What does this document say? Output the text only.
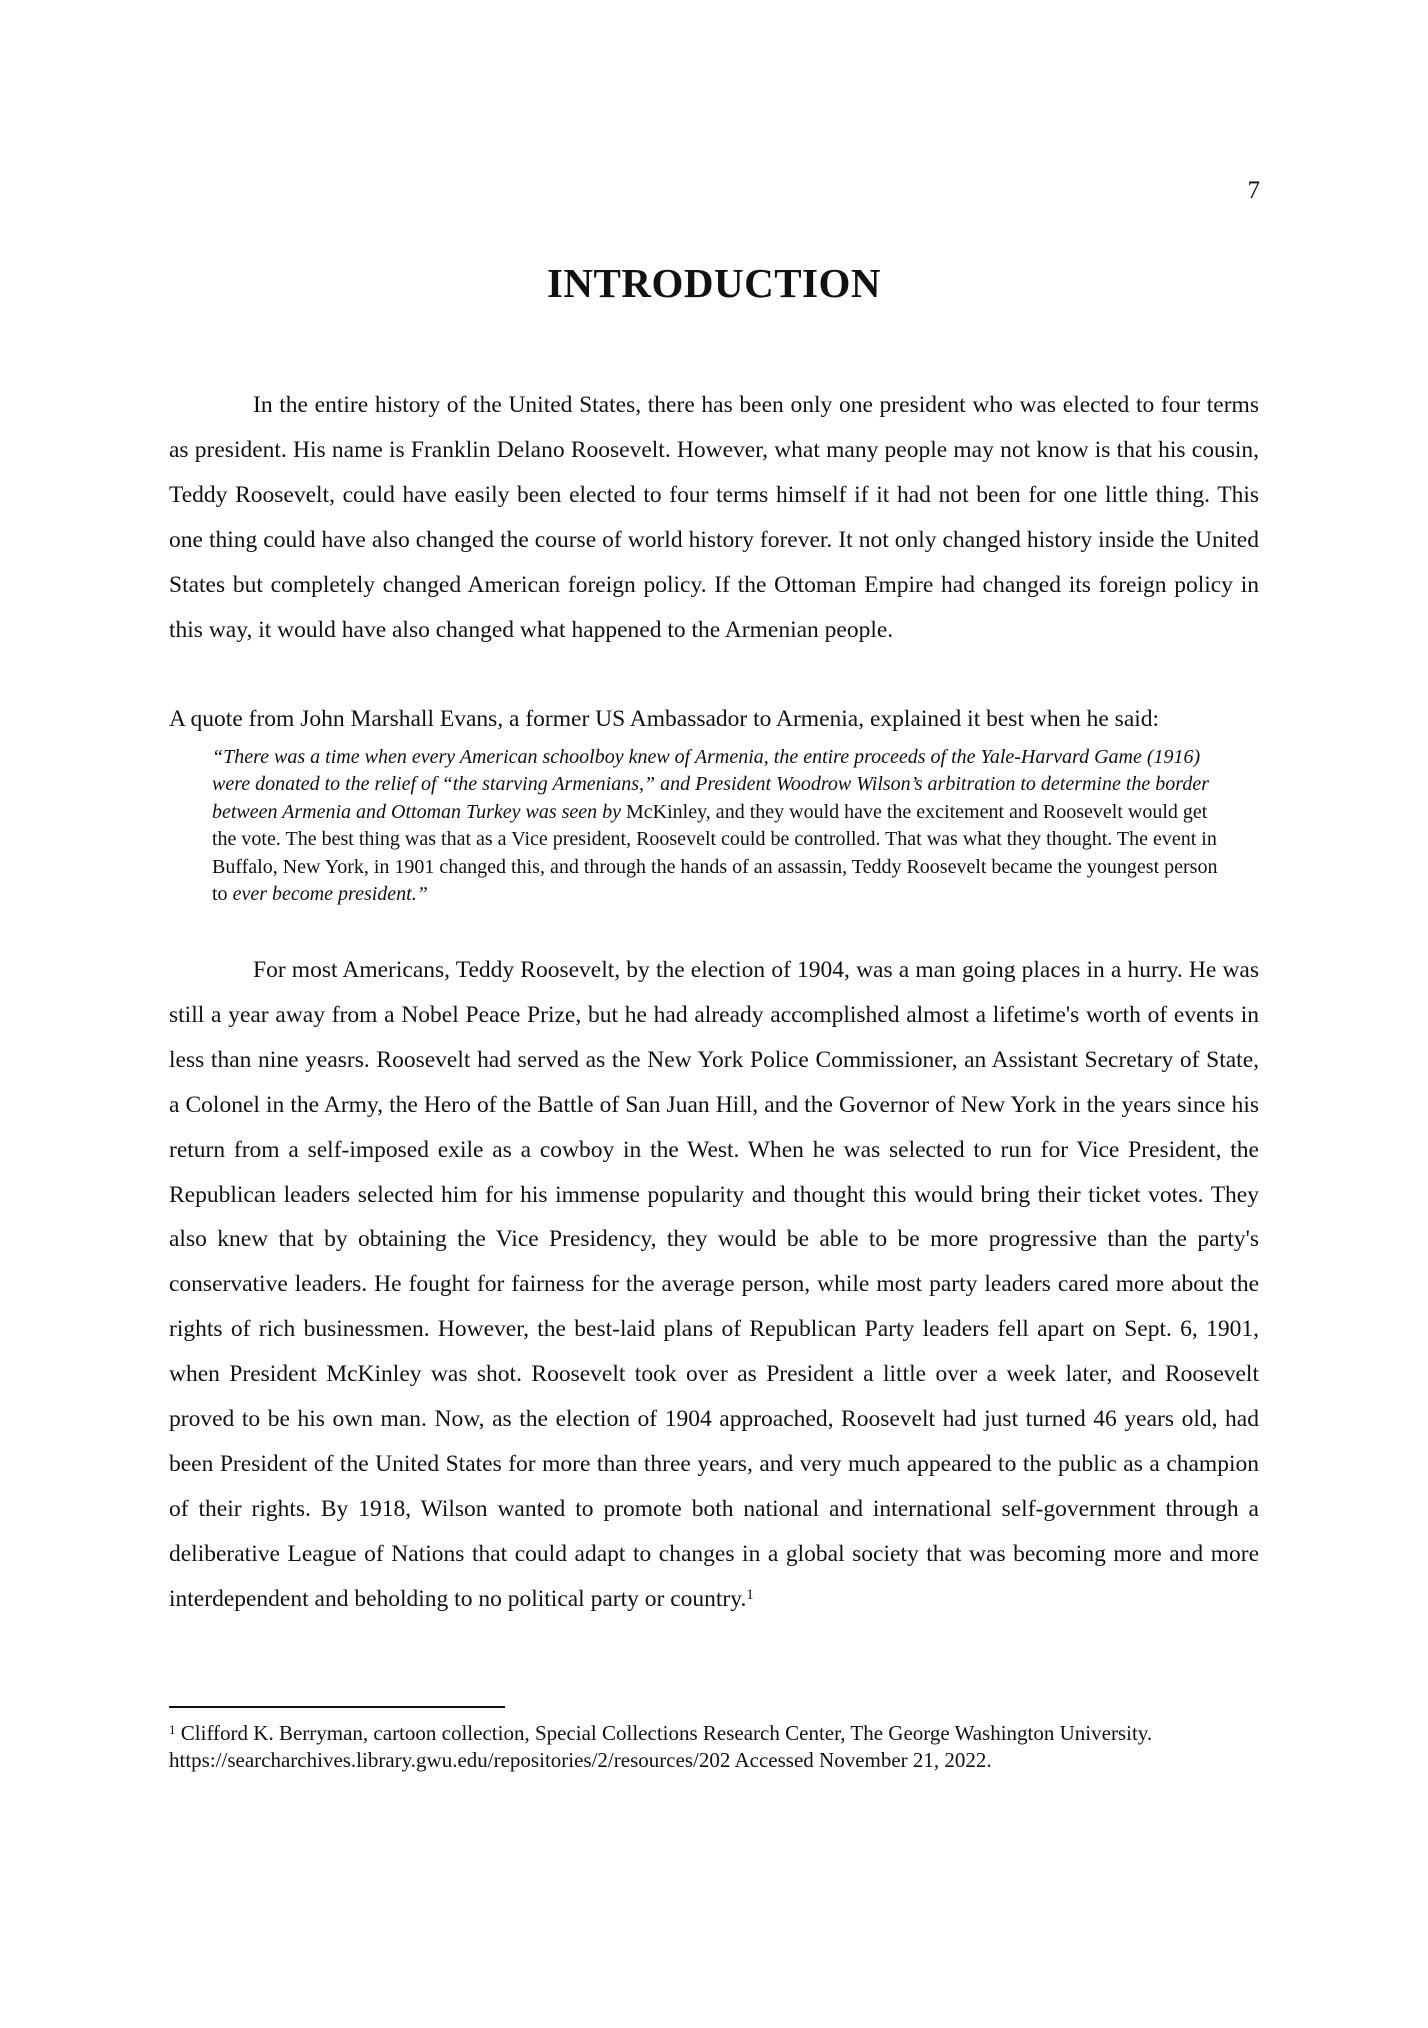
7
INTRODUCTION
In the entire history of the United States, there has been only one president who was elected to four terms as president. His name is Franklin Delano Roosevelt. However, what many people may not know is that his cousin, Teddy Roosevelt, could have easily been elected to four terms himself if it had not been for one little thing. This one thing could have also changed the course of world history forever. It not only changed history inside the United States but completely changed American foreign policy. If the Ottoman Empire had changed its foreign policy in this way, it would have also changed what happened to the Armenian people.
A quote from John Marshall Evans, a former US Ambassador to Armenia, explained it best when he said:
“There was a time when every American schoolboy knew of Armenia, the entire proceeds of the Yale-Harvard Game (1916) were donated to the relief of “the starving Armenians,” and President Woodrow Wilson’s arbitration to determine the border between Armenia and Ottoman Turkey was seen by McKinley, and they would have the excitement and Roosevelt would get the vote. The best thing was that as a Vice president, Roosevelt could be controlled. That was what they thought. The event in Buffalo, New York, in 1901 changed this, and through the hands of an assassin, Teddy Roosevelt became the youngest person to ever become president.”
For most Americans, Teddy Roosevelt, by the election of 1904, was a man going places in a hurry. He was still a year away from a Nobel Peace Prize, but he had already accomplished almost a lifetime's worth of events in less than nine yeasrs. Roosevelt had served as the New York Police Commissioner, an Assistant Secretary of State, a Colonel in the Army, the Hero of the Battle of San Juan Hill, and the Governor of New York in the years since his return from a self-imposed exile as a cowboy in the West. When he was selected to run for Vice President, the Republican leaders selected him for his immense popularity and thought this would bring their ticket votes. They also knew that by obtaining the Vice Presidency, they would be able to be more progressive than the party's conservative leaders. He fought for fairness for the average person, while most party leaders cared more about the rights of rich businessmen. However, the best-laid plans of Republican Party leaders fell apart on Sept. 6, 1901, when President McKinley was shot. Roosevelt took over as President a little over a week later, and Roosevelt proved to be his own man. Now, as the election of 1904 approached, Roosevelt had just turned 46 years old, had been President of the United States for more than three years, and very much appeared to the public as a champion of their rights. By 1918, Wilson wanted to promote both national and international self-government through a deliberative League of Nations that could adapt to changes in a global society that was becoming more and more interdependent and beholding to no political party or country.$^1$
$^1$ Clifford K. Berryman, cartoon collection, Special Collections Research Center, The George Washington University. https://searcharchives.library.gwu.edu/repositories/2/resources/202 Accessed November 21, 2022.
